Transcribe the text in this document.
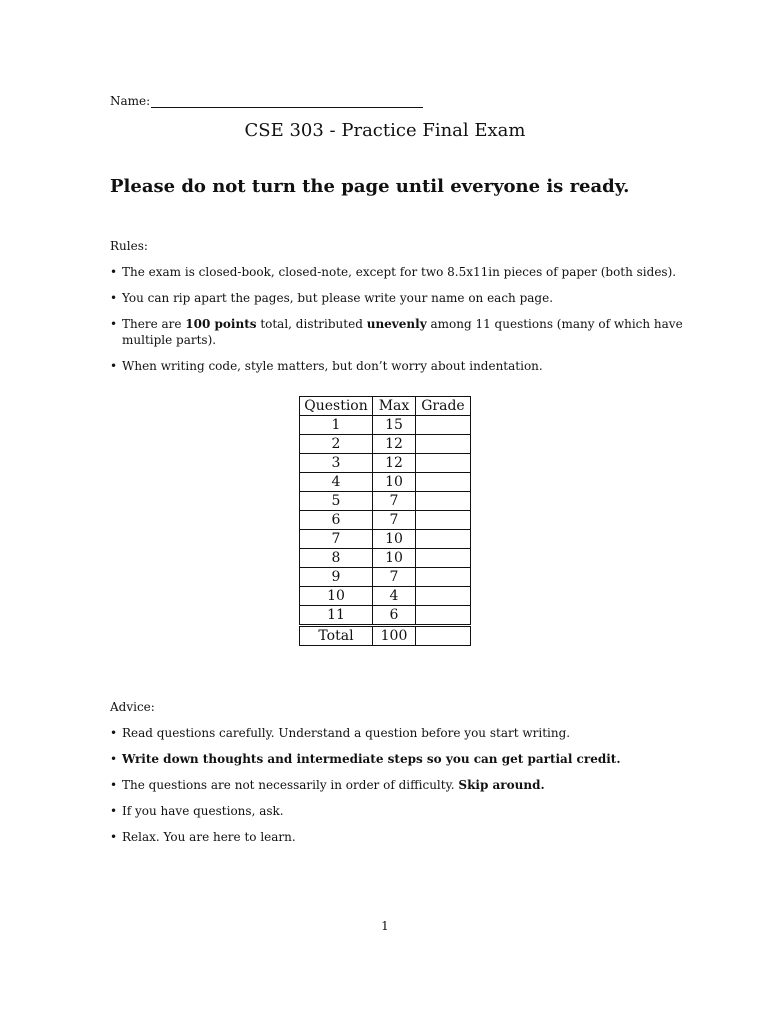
Name:
CSE 303 - Practice Final Exam
Please do not turn the page until everyone is ready.
Rules:
• The exam is closed-book, closed-note, except for two 8.5x11in pieces of paper (both sides).
• You can rip apart the pages, but please write your name on each page.
• There are 100 points total, distributed unevenly among 11 questions (many of which have multiple parts).
• When writing code, style matters, but don’t worry about indentation.
Question	Max	Grade
1	15	
2	12	
3	12	
4	10	
5	7	
6	7	
7	10	
8	10	
9	7	
10	4	
11	6	
Total	100	
Advice:
• Read questions carefully. Understand a question before you start writing.
• Write down thoughts and intermediate steps so you can get partial credit.
• The questions are not necessarily in order of difficulty. Skip around.
• If you have questions, ask.
• Relax. You are here to learn.
1
